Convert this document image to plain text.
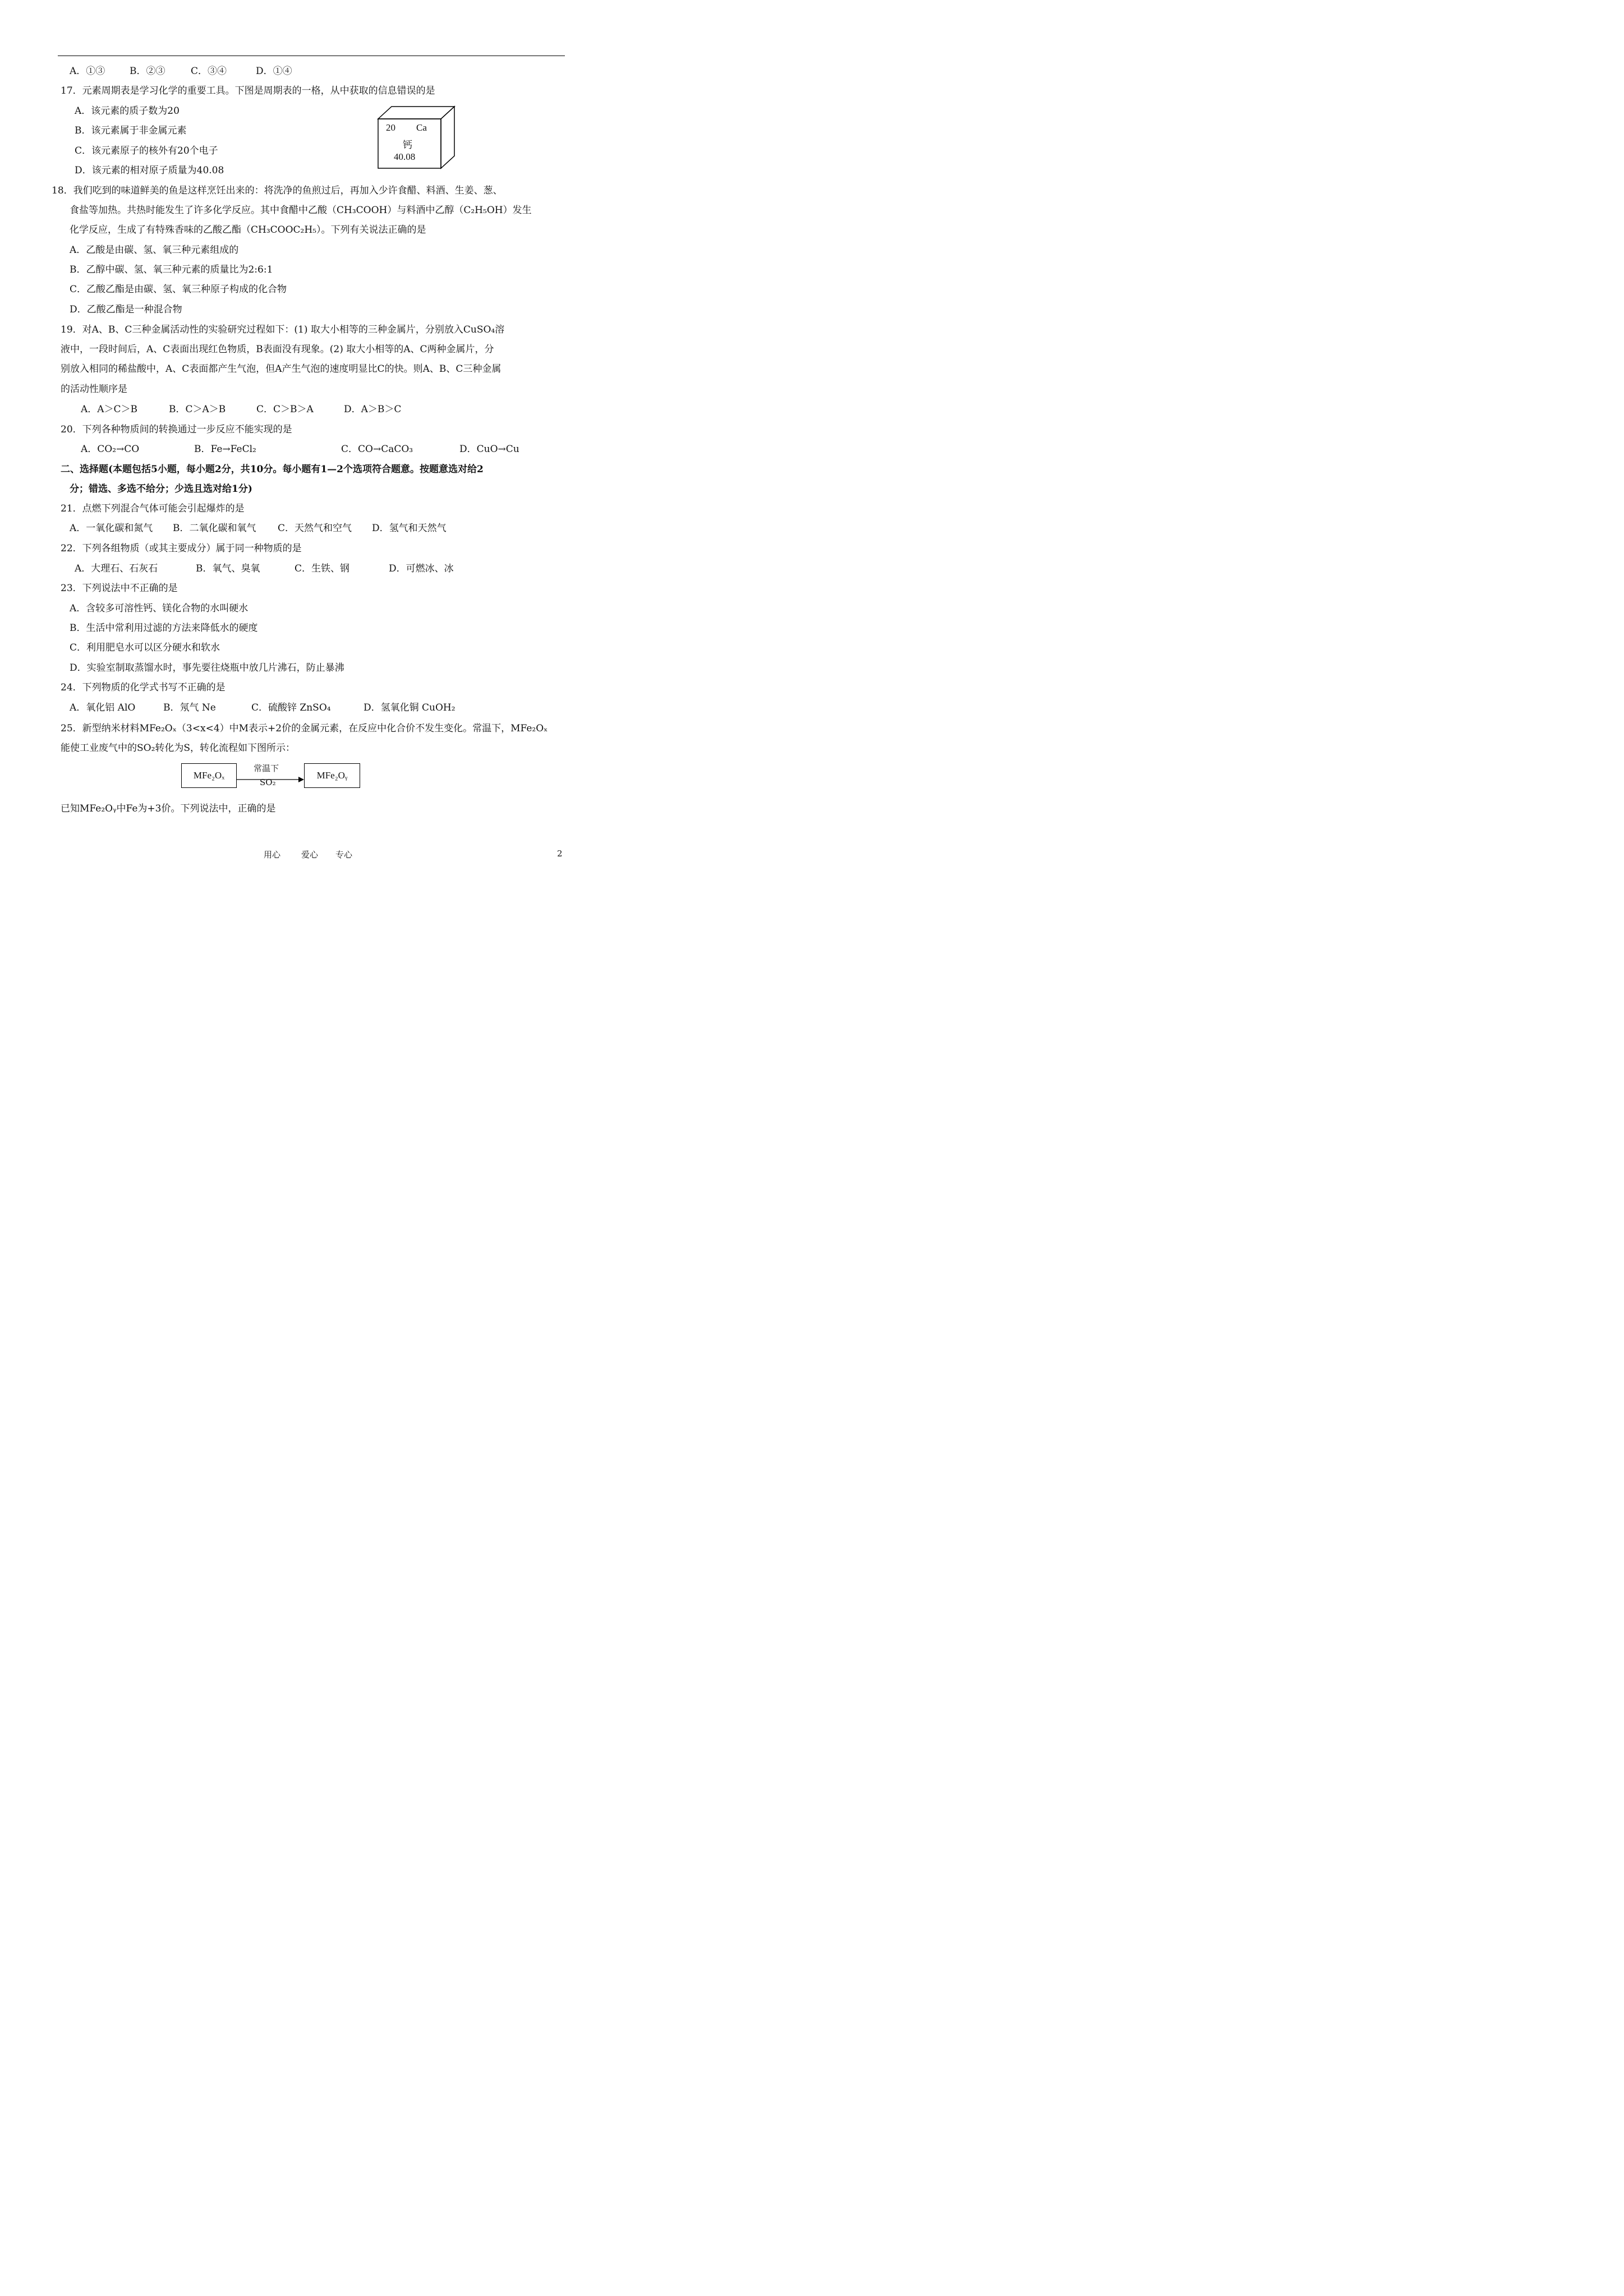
A．①③	B．②③	C．③④	D．①④
17．元素周期表是学习化学的重要工具。下图是周期表的一格，从中获取的信息错误的是
A．该元素的质子数为20
B．该元素属于非金属元素
C．该元素原子的核外有20个电子
D．该元素的相对原子质量为40.08
20 Ca
钙
40.08
18．我们吃到的味道鲜美的鱼是这样烹饪出来的：将洗净的鱼煎过后，再加入少许食醋、料酒、生姜、葱、
食盐等加热。共热时能发生了许多化学反应。其中食醋中乙酸（CH₃COOH）与料酒中乙醇（C₂H₅OH）发生
化学反应，生成了有特殊香味的乙酸乙酯（CH₃COOC₂H₅）。下列有关说法正确的是
A．乙酸是由碳、氢、氧三种元素组成的
B．乙醇中碳、氢、氧三种元素的质量比为2:6:1
C．乙酸乙酯是由碳、氢、氧三种原子构成的化合物
D．乙酸乙酯是一种混合物
19．对A、B、C三种金属活动性的实验研究过程如下：(1) 取大小相等的三种金属片，分别放入CuSO₄溶
液中，一段时间后，A、C表面出现红色物质，B表面没有现象。(2) 取大小相等的A、C两种金属片，分
别放入相同的稀盐酸中，A、C表面都产生气泡，但A产生气泡的速度明显比C的快。则A、B、C三种金属
的活动性顺序是
A．A＞C＞B	B．C＞A＞B	C．C＞B＞A	D．A＞B＞C
20．下列各种物质间的转换通过一步反应不能实现的是
A．CO₂→CO	B．Fe→FeCl₂	C．CO→CaCO₃	D．CuO→Cu
二、选择题(本题包括5小题，每小题2分，共10分。每小题有1—2个选项符合题意。按题意选对给2
分；错选、多选不给分；少选且选对给1分)
21．点燃下列混合气体可能会引起爆炸的是
A．一氧化碳和氮气 B．二氧化碳和氧气 C．天然气和空气 D．氢气和天然气
22．下列各组物质（或其主要成分）属于同一种物质的是
A．大理石、石灰石	B．氧气、臭氧	C．生铁、钢	D．可燃冰、冰
23．下列说法中不正确的是
A．含较多可溶性钙、镁化合物的水叫硬水
B．生活中常利用过滤的方法来降低水的硬度
C．利用肥皂水可以区分硬水和软水
D．实验室制取蒸馏水时，事先要往烧瓶中放几片沸石，防止暴沸
24．下列物质的化学式书写不正确的是
A．氧化铝 AlO	B．氖气 Ne	C．硫酸锌 ZnSO₄	D．氢氧化铜 CuOH₂
25．新型纳米材料MFe₂Oₓ（3<x<4）中M表示+2价的金属元素，在反应中化合价不发生变化。常温下，MFe₂Oₓ
能使工业废气中的SO₂转化为S，转化流程如下图所示：
MFe₂Oₓ
常温下
SO₂
MFe₂Oᵧ
已知MFe₂Oᵧ中Fe为+3价。下列说法中，正确的是
用心 爱心 专心	2
